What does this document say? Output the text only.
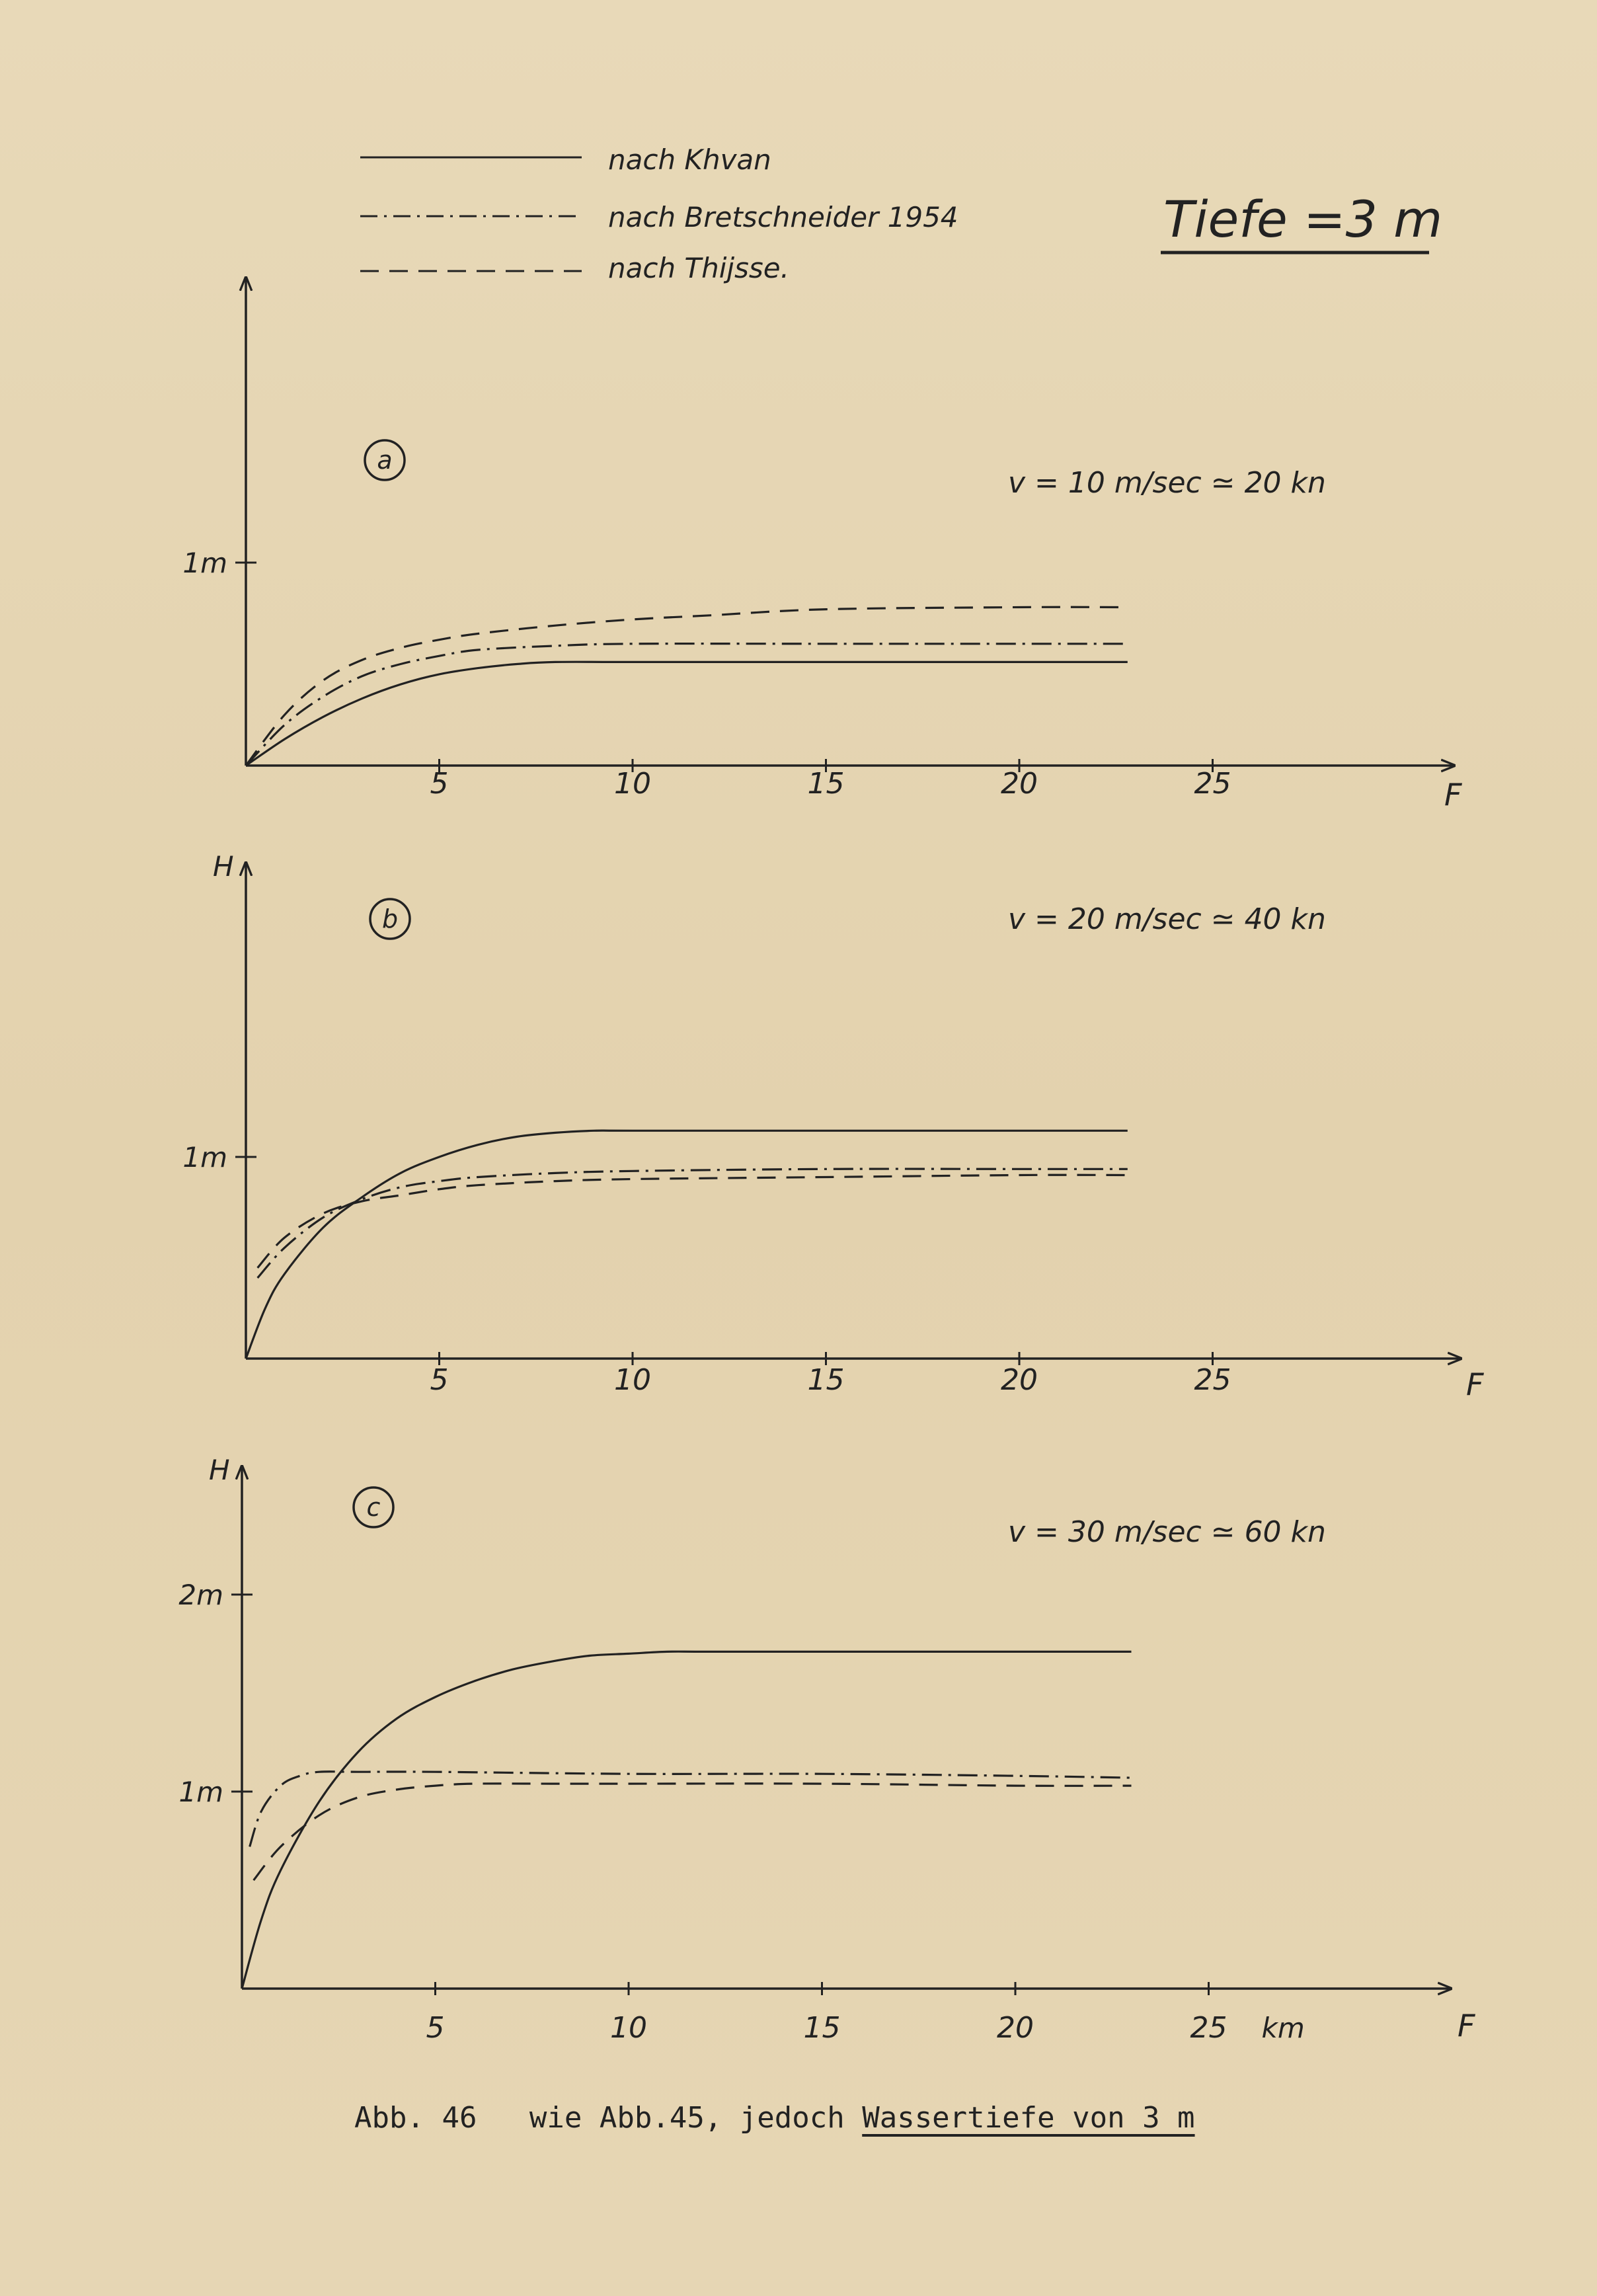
nach Khvan
nach Bretschneider 1954
nach Thijsse.
Tiefe =3 m
5	10	15	20	25	F
1m
a
v = 10 m/sec ≃ 20 kn
5	10	15	20	25	F
1m
H
b	v = 20 m/sec ≃ 40 kn
5	10	15	20	25 km	F
1m
2m
H
c
v = 30 m/sec ≃ 60 kn
Abb. 46   wie Abb.45, jedoch Wassertiefe von 3 m
